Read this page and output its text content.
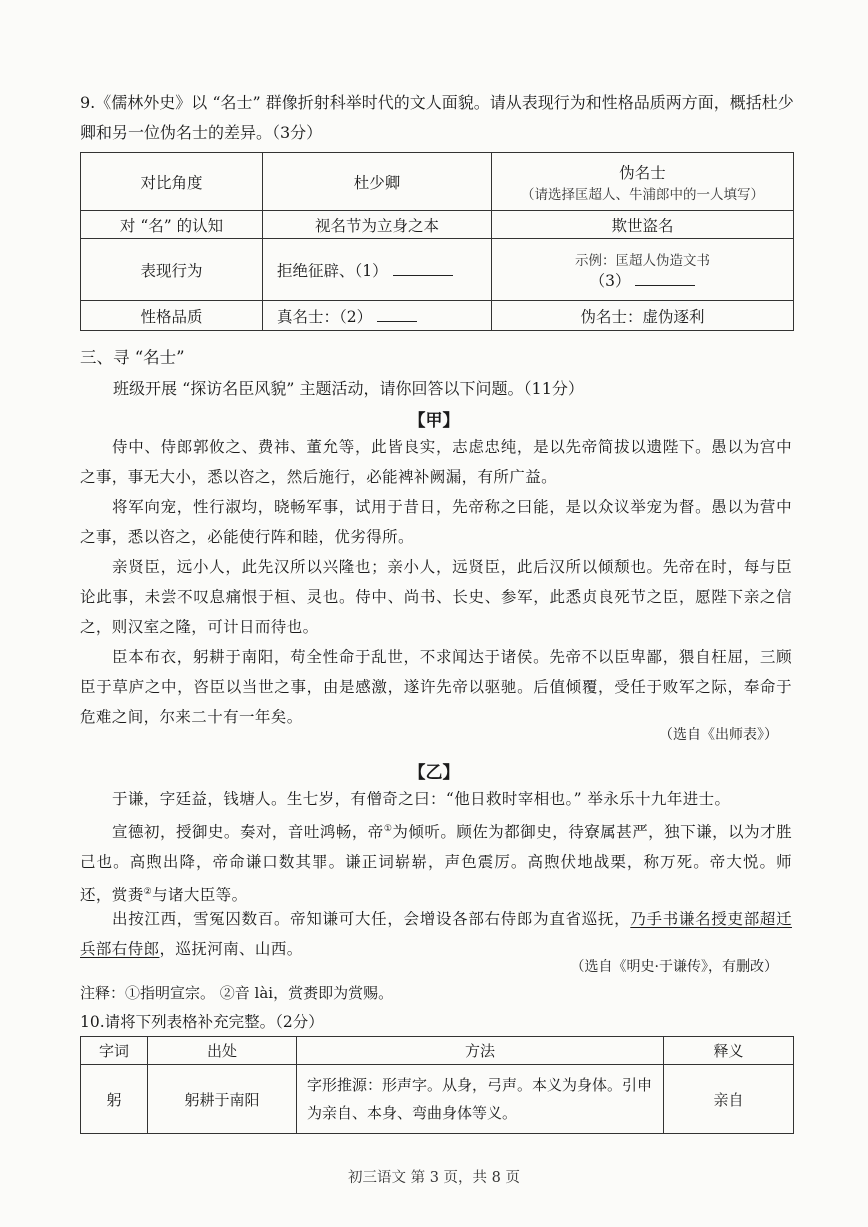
9.《儒林外史》以 “名士” 群像折射科举时代的文人面貌。请从表现行为和性格品质两方面，概括杜少卿和另一位伪名士的差异。（3分）
对比角度	杜少卿	伪名士
（请选择匡超人、牛浦郎中的一人填写）

对 “名” 的认知	视名节为立身之本	欺世盗名
表现行为	拒绝征辟、（1）	示例：匡超人伪造文书
（3）

性格品质	真名士：（2）	伪名士：虚伪逐利
三、寻 “名士”
班级开展 “探访名臣风貌” 主题活动，请你回答以下问题。（11分）
【甲】
侍中、侍郎郭攸之、费祎、董允等，此皆良实，志虑忠纯，是以先帝简拔以遗陛下。愚以为宫中之事，事无大小，悉以咨之，然后施行，必能裨补阙漏，有所广益。
将军向宠，性行淑均，晓畅军事，试用于昔日，先帝称之曰能，是以众议举宠为督。愚以为营中之事，悉以咨之，必能使行阵和睦，优劣得所。
亲贤臣，远小人，此先汉所以兴隆也；亲小人，远贤臣，此后汉所以倾颓也。先帝在时，每与臣论此事，未尝不叹息痛恨于桓、灵也。侍中、尚书、长史、参军，此悉贞良死节之臣，愿陛下亲之信之，则汉室之隆，可计日而待也。
臣本布衣，躬耕于南阳，苟全性命于乱世，不求闻达于诸侯。先帝不以臣卑鄙，猥自枉屈，三顾臣于草庐之中，咨臣以当世之事，由是感激，遂许先帝以驱驰。后值倾覆，受任于败军之际，奉命于危难之间，尔来二十有一年矣。
（选自《出师表》）
【乙】
于谦，字廷益，钱塘人。生七岁，有僧奇之曰：“他日救时宰相也。” 举永乐十九年进士。
宣德初，授御史。奏对，音吐鸿畅，帝①为倾听。顾佐为都御史，待寮属甚严，独下谦，以为才胜己也。高煦出降，帝命谦口数其罪。谦正词崭崭，声色震厉。高煦伏地战栗，称万死。帝大悦。师还，赏赉②与诸大臣等。
出按江西，雪冤囚数百。帝知谦可大任，会增设各部右侍郎为直省巡抚，乃手书谦名授吏部超迁兵部右侍郎，巡抚河南、山西。
（选自《明史·于谦传》，有删改）
注释：①指明宣宗。 ②音 lài，赏赉即为赏赐。
10.请将下列表格补充完整。（2分）
字词	出处	方法	释义
躬	躬耕于南阳	字形推源：形声字。从身，弓声。本义为身体。引申为亲自、本身、弯曲身体等义。	亲自
初三语文 第 3 页，共 8 页
